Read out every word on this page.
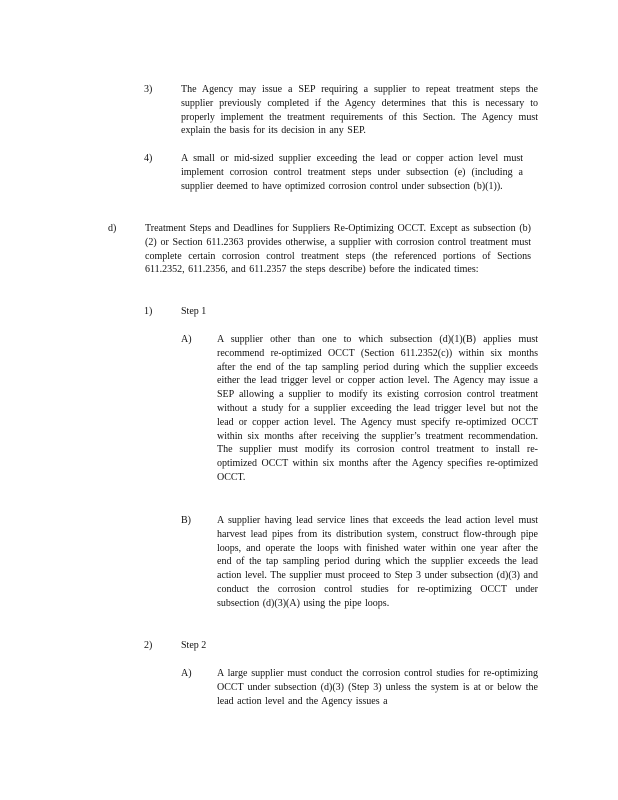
3)	The Agency may issue a SEP requiring a supplier to repeat treatment steps the supplier previously completed if the Agency determines that this is necessary to properly implement the treatment requirements of this Section. The Agency must explain the basis for its decision in any SEP.
4)	A small or mid-sized supplier exceeding the lead or copper action level must implement corrosion control treatment steps under subsection (e) (including a supplier deemed to have optimized corrosion control under subsection (b)(1)).
d)	Treatment Steps and Deadlines for Suppliers Re-Optimizing OCCT. Except as subsection (b)(2) or Section 611.2363 provides otherwise, a supplier with corrosion control treatment must complete certain corrosion control treatment steps (the referenced portions of Sections 611.2352, 611.2356, and 611.2357 the steps describe) before the indicated times:
1)	Step 1
A)	A supplier other than one to which subsection (d)(1)(B) applies must recommend re-optimized OCCT (Section 611.2352(c)) within six months after the end of the tap sampling period during which the supplier exceeds either the lead trigger level or copper action level. The Agency may issue a SEP allowing a supplier to modify its existing corrosion control treatment without a study for a supplier exceeding the lead trigger level but not the lead or copper action level. The Agency must specify re-optimized OCCT within six months after receiving the supplier’s treatment recommendation. The supplier must modify its corrosion control treatment to install re-optimized OCCT within six months after the Agency specifies re-optimized OCCT.
B)	A supplier having lead service lines that exceeds the lead action level must harvest lead pipes from its distribution system, construct flow-through pipe loops, and operate the loops with finished water within one year after the end of the tap sampling period during which the supplier exceeds the lead action level. The supplier must proceed to Step 3 under subsection (d)(3) and conduct the corrosion control studies for re-optimizing OCCT under subsection (d)(3)(A) using the pipe loops.
2)	Step 2
A)	A large supplier must conduct the corrosion control studies for re-optimizing OCCT under subsection (d)(3) (Step 3) unless the system is at or below the lead action level and the Agency issues a
